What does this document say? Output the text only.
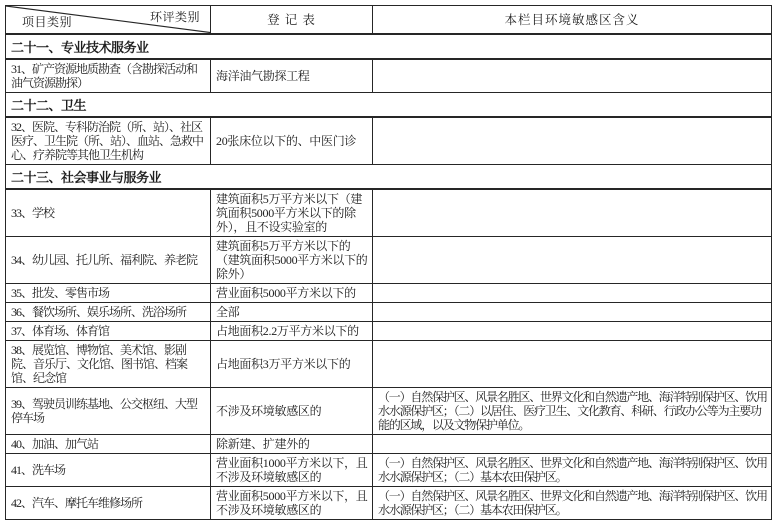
环评类别
项目类别	登 记 表	本栏目环境敏感区含义
二十一、专业技术服务业		
31、矿产资源地质勘查（含勘探活动和油气资源勘探）	海洋油气勘探工程	
二十二、卫生		
32、医院、专科防治院（所、站）、社区医疗、卫生院（所、站）、血站、急救中心、疗养院等其他卫生机构	20张床位以下的、中医门诊	
二十三、社会事业与服务业		
33、学校	建筑面积5万平方米以下（建筑面积5000平方米以下的除外），且不设实验室的	
34、幼儿园、托儿所、福利院、养老院	建筑面积5万平方米以下的（建筑面积5000平方米以下的除外）	
35、批发、零售市场	营业面积5000平方米以下的	
36、餐饮场所、娱乐场所、洗浴场所	全部	
37、体育场、体育馆	占地面积2.2万平方米以下的	
38、展览馆、博物馆、美术馆、影剧院、音乐厅、文化馆、图书馆、档案馆、纪念馆	占地面积3万平方米以下的	
39、驾驶员训练基地、公交枢纽、大型停车场	不涉及环境敏感区的	（一）自然保护区、风景名胜区、世界文化和自然遗产地、海洋特别保护区、饮用水水源保护区；（二）以居住、医疗卫生、文化教育、科研、行政办公等为主要功能的区域，以及文物保护单位。
40、加油、加气站	除新建、扩建外的	
41、洗车场	营业面积1000平方米以下，且不涉及环境敏感区的	（一）自然保护区、风景名胜区、世界文化和自然遗产地、海洋特别保护区、饮用水水源保护区；（二）基本农田保护区。
42、汽车、摩托车维修场所	营业面积5000平方米以下，且不涉及环境敏感区的	（一）自然保护区、风景名胜区、世界文化和自然遗产地、海洋特别保护区、饮用水水源保护区；（二）基本农田保护区。
